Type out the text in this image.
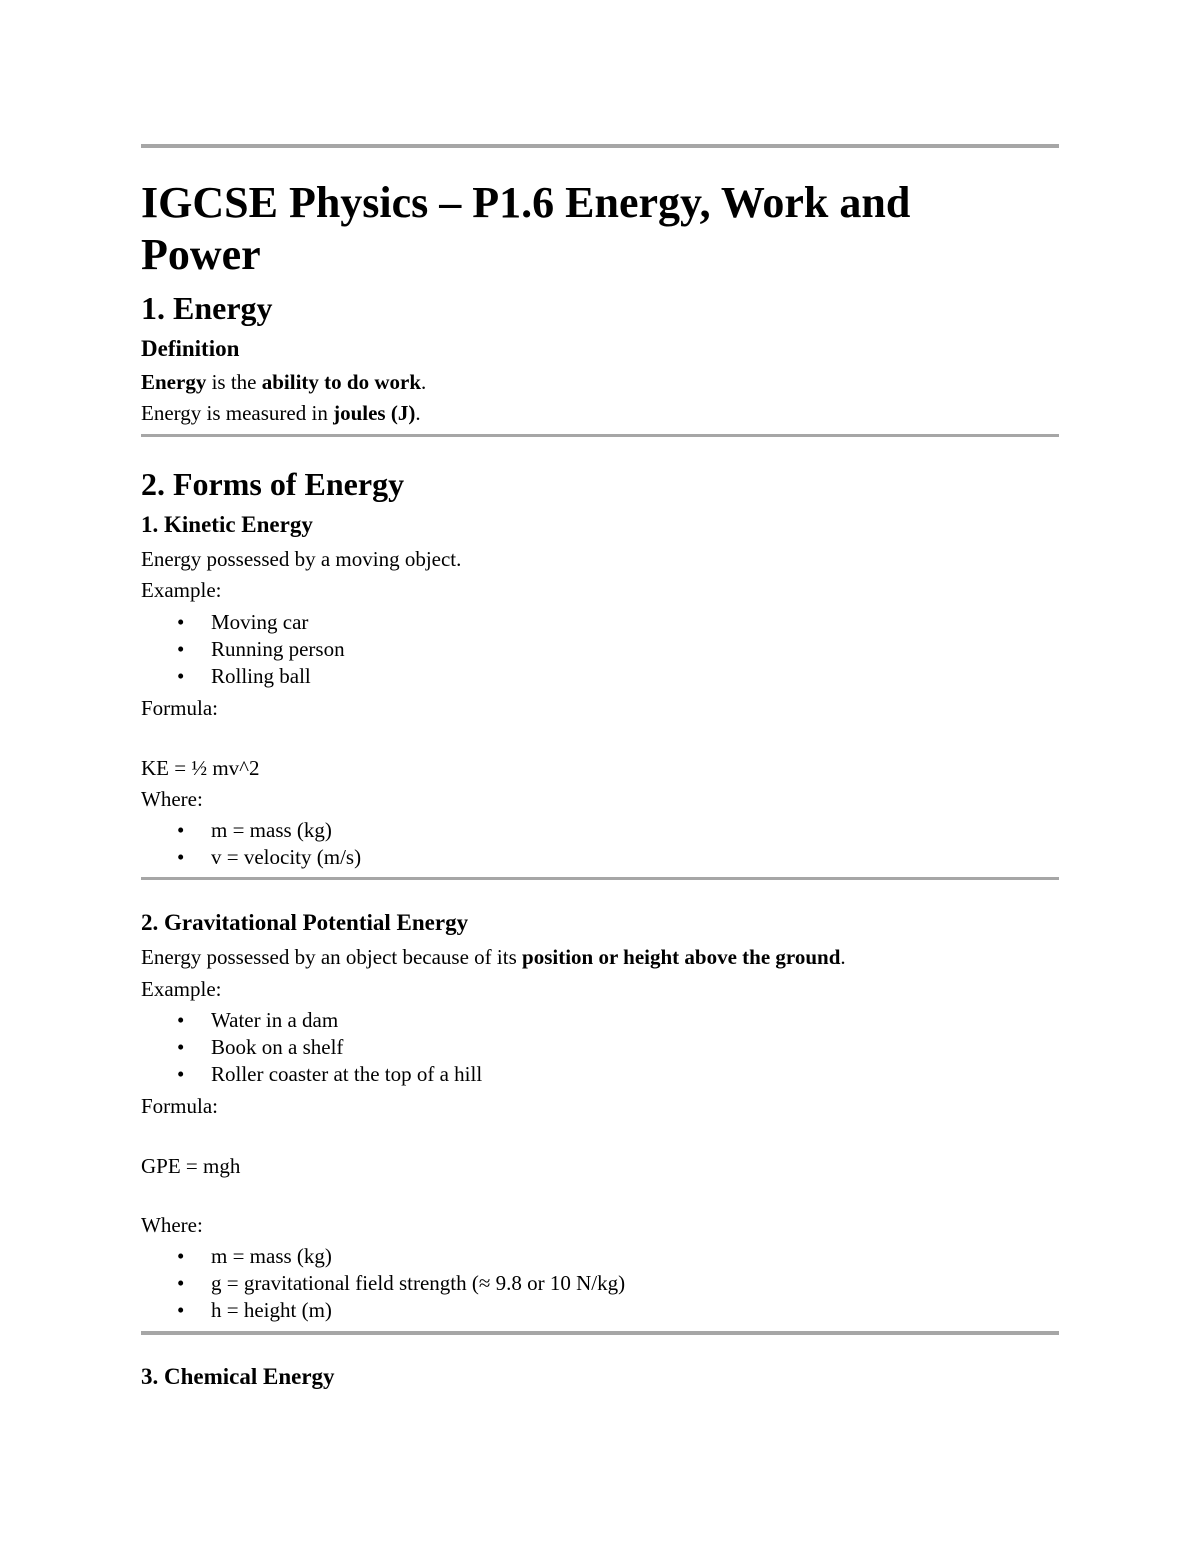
IGCSE Physics – P1.6 Energy, Work and
Power
1. Energy
Definition
Energy is the ability to do work.
Energy is measured in joules (J).
2. Forms of Energy
1. Kinetic Energy
Energy possessed by a moving object.
Example:
• Moving car
• Running person
• Rolling ball
Formula:
KE = ½ mv^2
Where:
• m = mass (kg)
• v = velocity (m/s)
2. Gravitational Potential Energy
Energy possessed by an object because of its position or height above the ground.
Example:
• Water in a dam
• Book on a shelf
• Roller coaster at the top of a hill
Formula:
GPE = mgh
Where:
• m = mass (kg)
• g = gravitational field strength (≈ 9.8 or 10 N/kg)
• h = height (m)
3. Chemical Energy
